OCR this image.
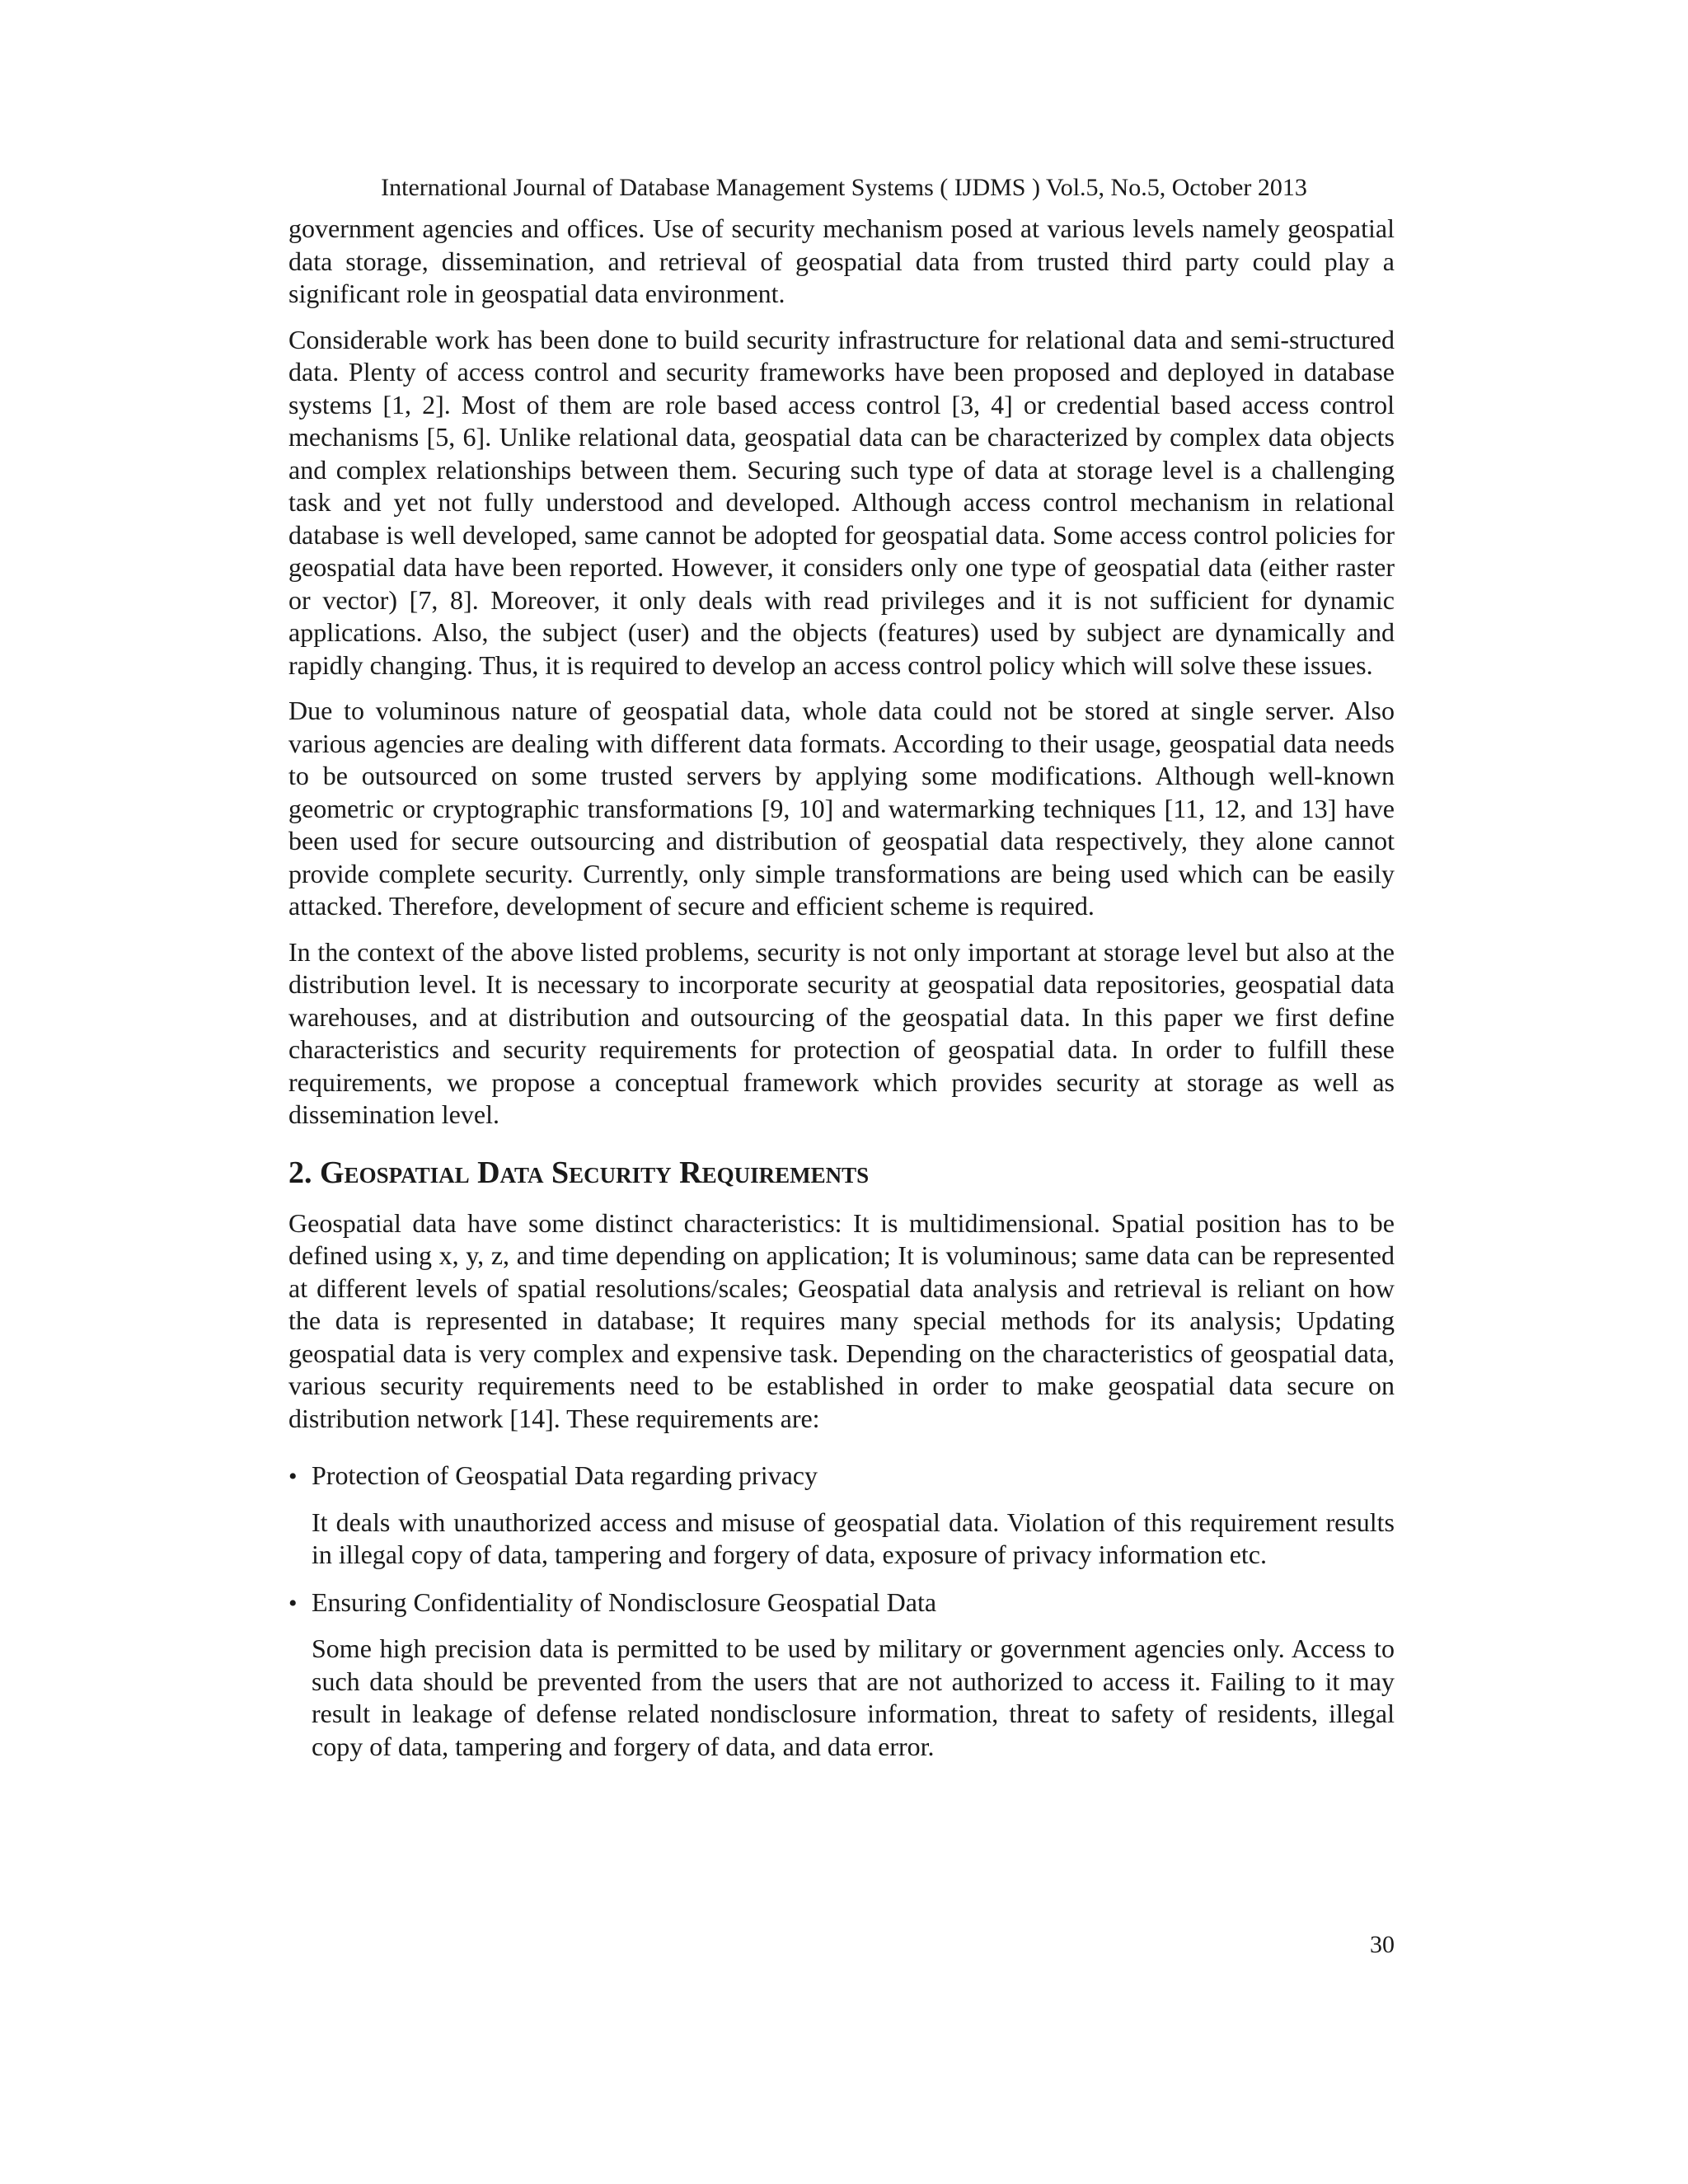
International Journal of Database Management Systems ( IJDMS ) Vol.5, No.5, October 2013

government agencies and offices. Use of security mechanism posed at various levels namely geospatial data storage, dissemination, and retrieval of geospatial data from trusted third party could play a significant role in geospatial data environment.

Considerable work has been done to build security infrastructure for relational data and semi-structured data. Plenty of access control and security frameworks have been proposed and deployed in database systems [1, 2]. Most of them are role based access control [3, 4] or credential based access control mechanisms [5, 6]. Unlike relational data, geospatial data can be characterized by complex data objects and complex relationships between them. Securing such type of data at storage level is a challenging task and yet not fully understood and developed. Although access control mechanism in relational database is well developed, same cannot be adopted for geospatial data. Some access control policies for geospatial data have been reported. However, it considers only one type of geospatial data (either raster or vector) [7, 8]. Moreover, it only deals with read privileges and it is not sufficient for dynamic applications. Also, the subject (user) and the objects (features) used by subject are dynamically and rapidly changing. Thus, it is required to develop an access control policy which will solve these issues.

Due to voluminous nature of geospatial data, whole data could not be stored at single server. Also various agencies are dealing with different data formats. According to their usage, geospatial data needs to be outsourced on some trusted servers by applying some modifications. Although well-known geometric or cryptographic transformations [9, 10] and watermarking techniques [11, 12, and 13] have been used for secure outsourcing and distribution of geospatial data respectively, they alone cannot provide complete security. Currently, only simple transformations are being used which can be easily attacked. Therefore, development of secure and efficient scheme is required.

In the context of the above listed problems, security is not only important at storage level but also at the distribution level. It is necessary to incorporate security at geospatial data repositories, geospatial data warehouses, and at distribution and outsourcing of the geospatial data. In this paper we first define characteristics and security requirements for protection of geospatial data. In order to fulfill these requirements, we propose a conceptual framework which provides security at storage as well as dissemination level.

2. Geospatial Data Security Requirements

Geospatial data have some distinct characteristics: It is multidimensional. Spatial position has to be defined using x, y, z, and time depending on application; It is voluminous; same data can be represented at different levels of spatial resolutions/scales; Geospatial data analysis and retrieval is reliant on how the data is represented in database; It requires many special methods for its analysis; Updating geospatial data is very complex and expensive task. Depending on the characteristics of geospatial data, various security requirements need to be established in order to make geospatial data secure on distribution network [14]. These requirements are:

• Protection of Geospatial Data regarding privacy

It deals with unauthorized access and misuse of geospatial data. Violation of this requirement results in illegal copy of data, tampering and forgery of data, exposure of privacy information etc.

• Ensuring Confidentiality of Nondisclosure Geospatial Data

Some high precision data is permitted to be used by military or government agencies only. Access to such data should be prevented from the users that are not authorized to access it. Failing to it may result in leakage of defense related nondisclosure information, threat to safety of residents, illegal copy of data, tampering and forgery of data, and data error.

30
